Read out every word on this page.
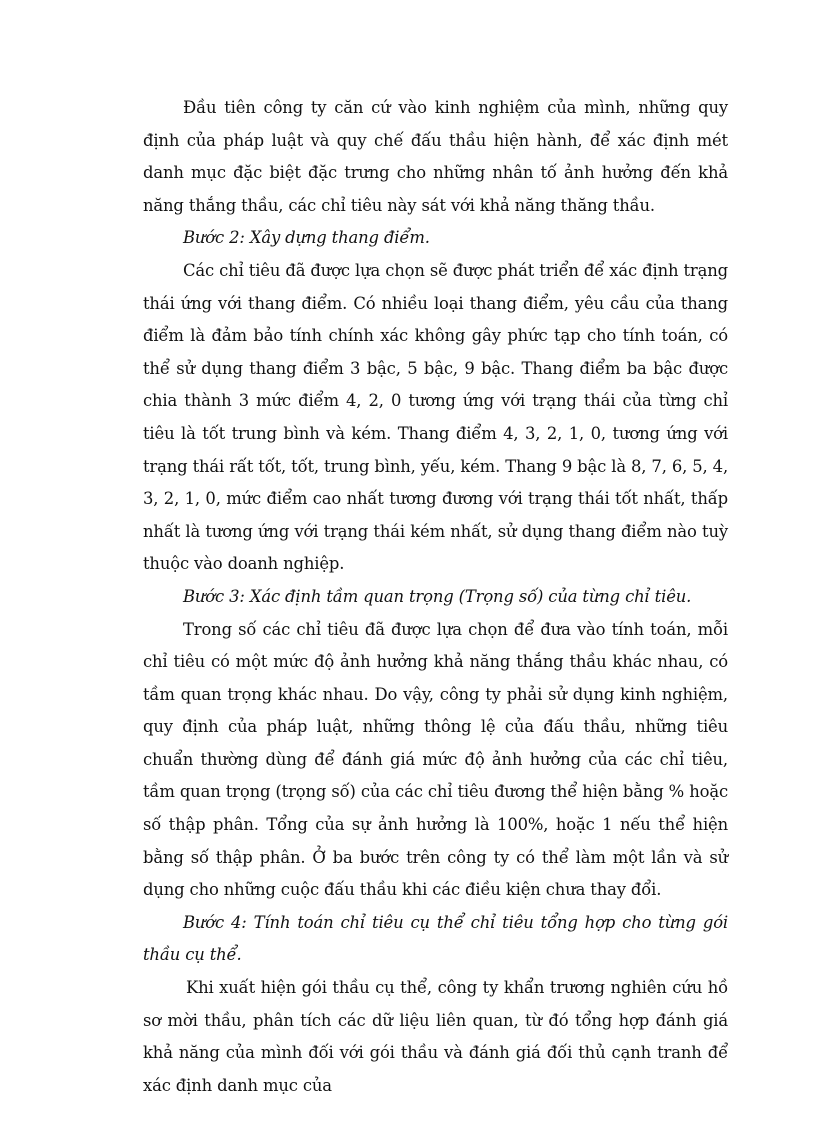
Đầu tiên công ty căn cứ vào kinh nghiệm của mình, những quy định của pháp luật và quy chế đấu thầu hiện hành, để xác định mét danh mục đặc biệt đặc trưng cho những nhân tố ảnh hưởng đến khả năng thắng thầu, các chỉ tiêu này sát với khả năng thăng thầu.

Bước 2: Xây dựng thang điểm.

Các chỉ tiêu đã được lựa chọn sẽ được phát triển để xác định trạng thái ứng với thang điểm. Có nhiều loại thang điểm, yêu cầu của thang điểm là đảm bảo tính chính xác không gây phức tạp cho tính toán, có thể sử dụng thang điểm 3 bậc, 5 bậc, 9 bậc. Thang điểm ba bậc được chia thành 3 mức điểm 4, 2, 0 tương ứng với trạng thái của từng chỉ tiêu là tốt trung bình và kém. Thang điểm 4, 3, 2, 1, 0, tương ứng với trạng thái rất tốt, tốt, trung bình, yếu, kém. Thang 9 bậc là 8, 7, 6, 5, 4, 3, 2, 1, 0, mức điểm cao nhất tương đương với trạng thái tốt nhất, thấp nhất là tương ứng với trạng thái kém nhất, sử dụng thang điểm nào tuỳ thuộc vào doanh nghiệp.

Bước 3: Xác định tầm quan trọng (Trọng số) của từng chỉ tiêu.

Trong số các chỉ tiêu đã được lựa chọn để đưa vào tính toán, mỗi chỉ tiêu có một mức độ ảnh hưởng khả năng thắng thầu khác nhau, có tầm quan trọng khác nhau. Do vậy, công ty phải sử dụng kinh nghiệm, quy định của pháp luật, những thông lệ của đấu thầu, những tiêu chuẩn thường dùng để đánh giá mức độ ảnh hưởng của các chỉ tiêu, tầm quan trọng (trọng số) của các chỉ tiêu đương thể hiện bằng % hoặc số thập phân. Tổng của sự ảnh hưởng là 100%, hoặc 1 nếu thể hiện bằng số thập phân. Ở ba bước trên công ty có thể làm một lần và sử dụng cho những cuộc đấu thầu khi các điều kiện chưa thay đổi.

Bước 4: Tính toán chỉ tiêu cụ thể chỉ tiêu tổng hợp cho từng gói thầu cụ thể.

Khi xuất hiện gói thầu cụ thể, công ty khẩn trương nghiên cứu hồ sơ mời thầu, phân tích các dữ liệu liên quan, từ đó tổng hợp đánh giá khả năng của mình đối với gói thầu và đánh giá đối thủ cạnh tranh để xác định danh mục của
